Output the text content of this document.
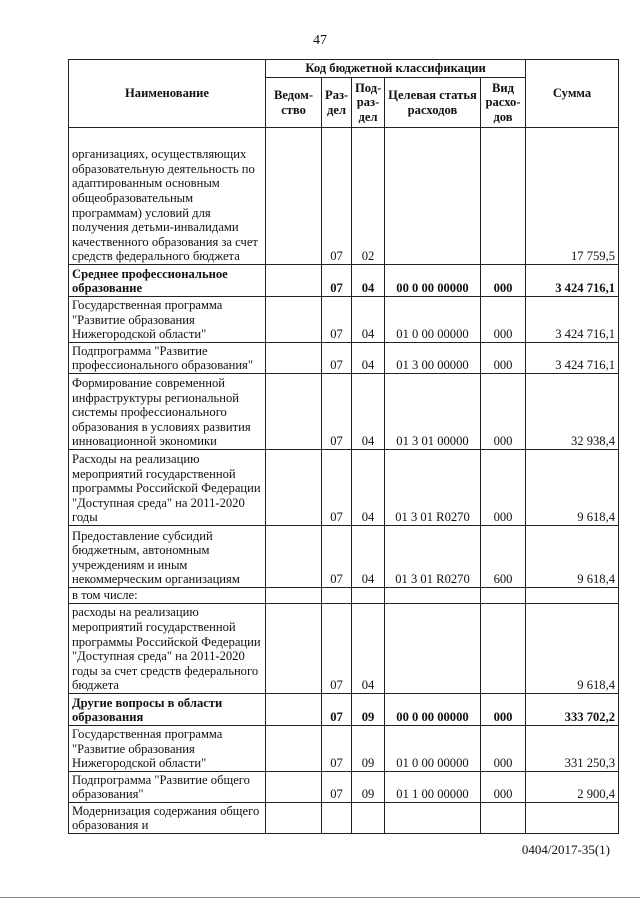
47
Наименование	Код бюджетной классификации					Сумма
	Ведом-ство	Раз-дел	Под-раз-дел	Целевая статья расходов	Вид расхо-дов	
организациях, осуществляющих образовательную деятельность по адаптированным основным общеобразовательным программам) условий для получения детьми-инвалидами качественного образования за счет средств федерального бюджета		07	02			17 759,5
Среднее профессиональное образование		07	04	00 0 00 00000	000	3 424 716,1
Государственная программа "Развитие образования Нижегородской области"		07	04	01 0 00 00000	000	3 424 716,1
Подпрограмма "Развитие профессионального образования"		07	04	01 3 00 00000	000	3 424 716,1
Формирование современной инфраструктуры региональной системы профессионального образования в условиях развития инновационной экономики		07	04	01 3 01 00000	000	32 938,4
Расходы на реализацию мероприятий государственной программы Российской Федерации "Доступная среда" на 2011-2020 годы		07	04	01 3 01 R0270	000	9 618,4
Предоставление субсидий бюджетным, автономным учреждениям и иным некоммерческим организациям		07	04	01 3 01 R0270	600	9 618,4
в том числе:						
расходы на реализацию мероприятий государственной программы Российской Федерации "Доступная среда" на 2011-2020 годы за счет средств федерального бюджета		07	04			9 618,4
Другие вопросы в области образования		07	09	00 0 00 00000	000	333 702,2
Государственная программа "Развитие образования Нижегородской области"		07	09	01 0 00 00000	000	331 250,3
Подпрограмма "Развитие общего образования"		07	09	01 1 00 00000	000	2 900,4
Модернизация содержания общего образования и						
0404/2017-35(1)
